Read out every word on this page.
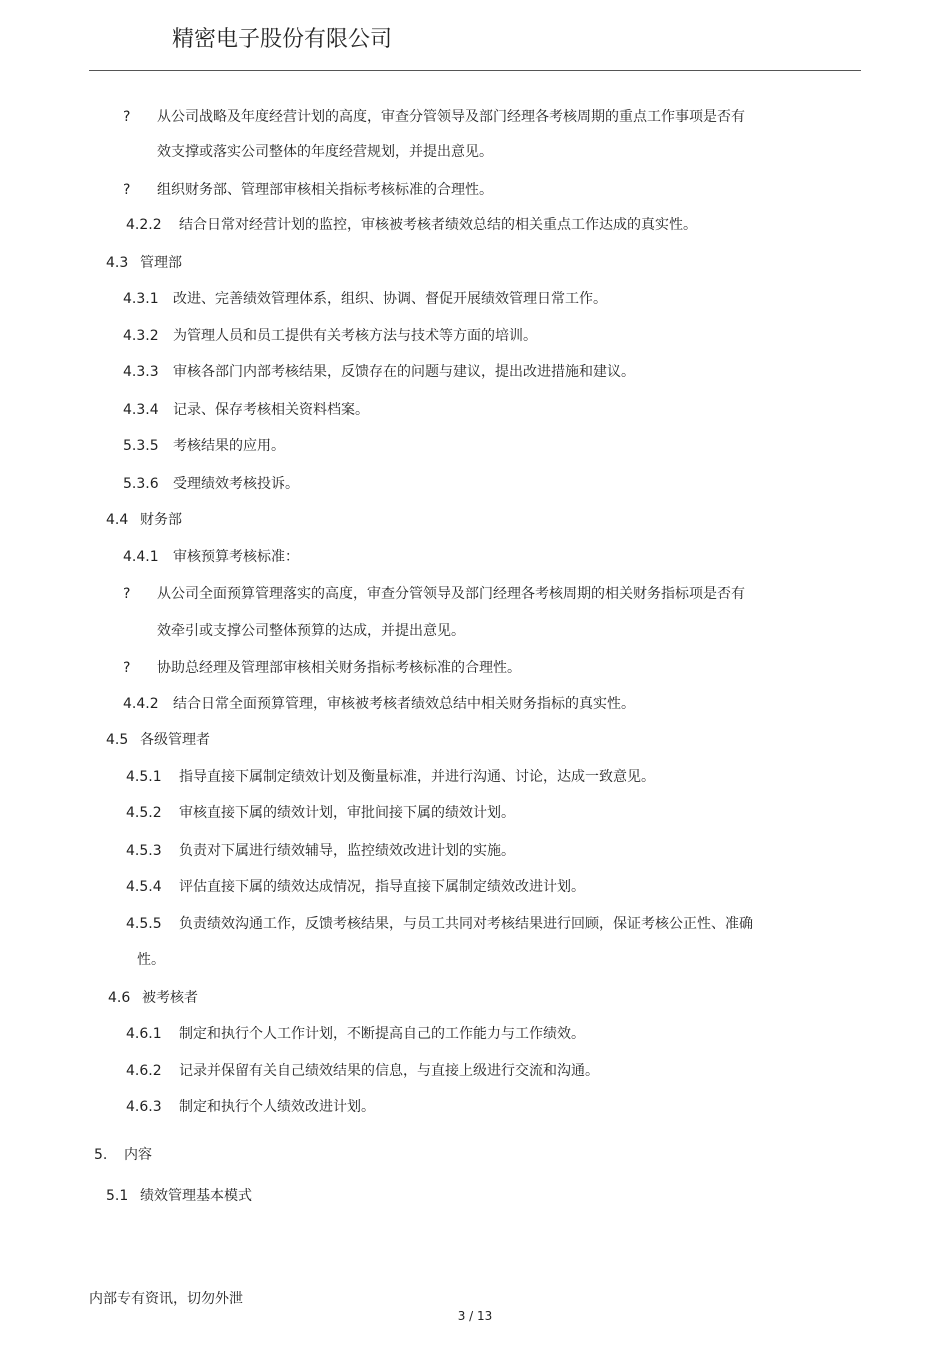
精密电子股份有限公司
? 从公司战略及年度经营计划的高度，审查分管领导及部门经理各考核周期的重点工作事项是否有
效支撑或落实公司整体的年度经营规划，并提出意见。
? 组织财务部、管理部审核相关指标考核标准的合理性。
4.2.2 结合日常对经营计划的监控，审核被考核者绩效总结的相关重点工作达成的真实性。
4.3 管理部
4.3.1 改进、完善绩效管理体系，组织、协调、督促开展绩效管理日常工作。
4.3.2 为管理人员和员工提供有关考核方法与技术等方面的培训。
4.3.3 审核各部门内部考核结果，反馈存在的问题与建议，提出改进措施和建议。
4.3.4 记录、保存考核相关资料档案。
5.3.5 考核结果的应用。
5.3.6 受理绩效考核投诉。
4.4 财务部
4.4.1 审核预算考核标准：
? 从公司全面预算管理落实的高度，审查分管领导及部门经理各考核周期的相关财务指标项是否有
效牵引或支撑公司整体预算的达成，并提出意见。
? 协助总经理及管理部审核相关财务指标考核标准的合理性。
4.4.2 结合日常全面预算管理，审核被考核者绩效总结中相关财务指标的真实性。
4.5 各级管理者
4.5.1 指导直接下属制定绩效计划及衡量标准，并进行沟通、讨论，达成一致意见。
4.5.2 审核直接下属的绩效计划，审批间接下属的绩效计划。
4.5.3 负责对下属进行绩效辅导，监控绩效改进计划的实施。
4.5.4 评估直接下属的绩效达成情况，指导直接下属制定绩效改进计划。
4.5.5 负责绩效沟通工作，反馈考核结果，与员工共同对考核结果进行回顾，保证考核公正性、准确
性。
4.6 被考核者
4.6.1 制定和执行个人工作计划，不断提高自己的工作能力与工作绩效。
4.6.2 记录并保留有关自己绩效结果的信息，与直接上级进行交流和沟通。
4.6.3 制定和执行个人绩效改进计划。
5. 内容
5.1 绩效管理基本模式
内部专有资讯，切勿外泄
3 / 13
